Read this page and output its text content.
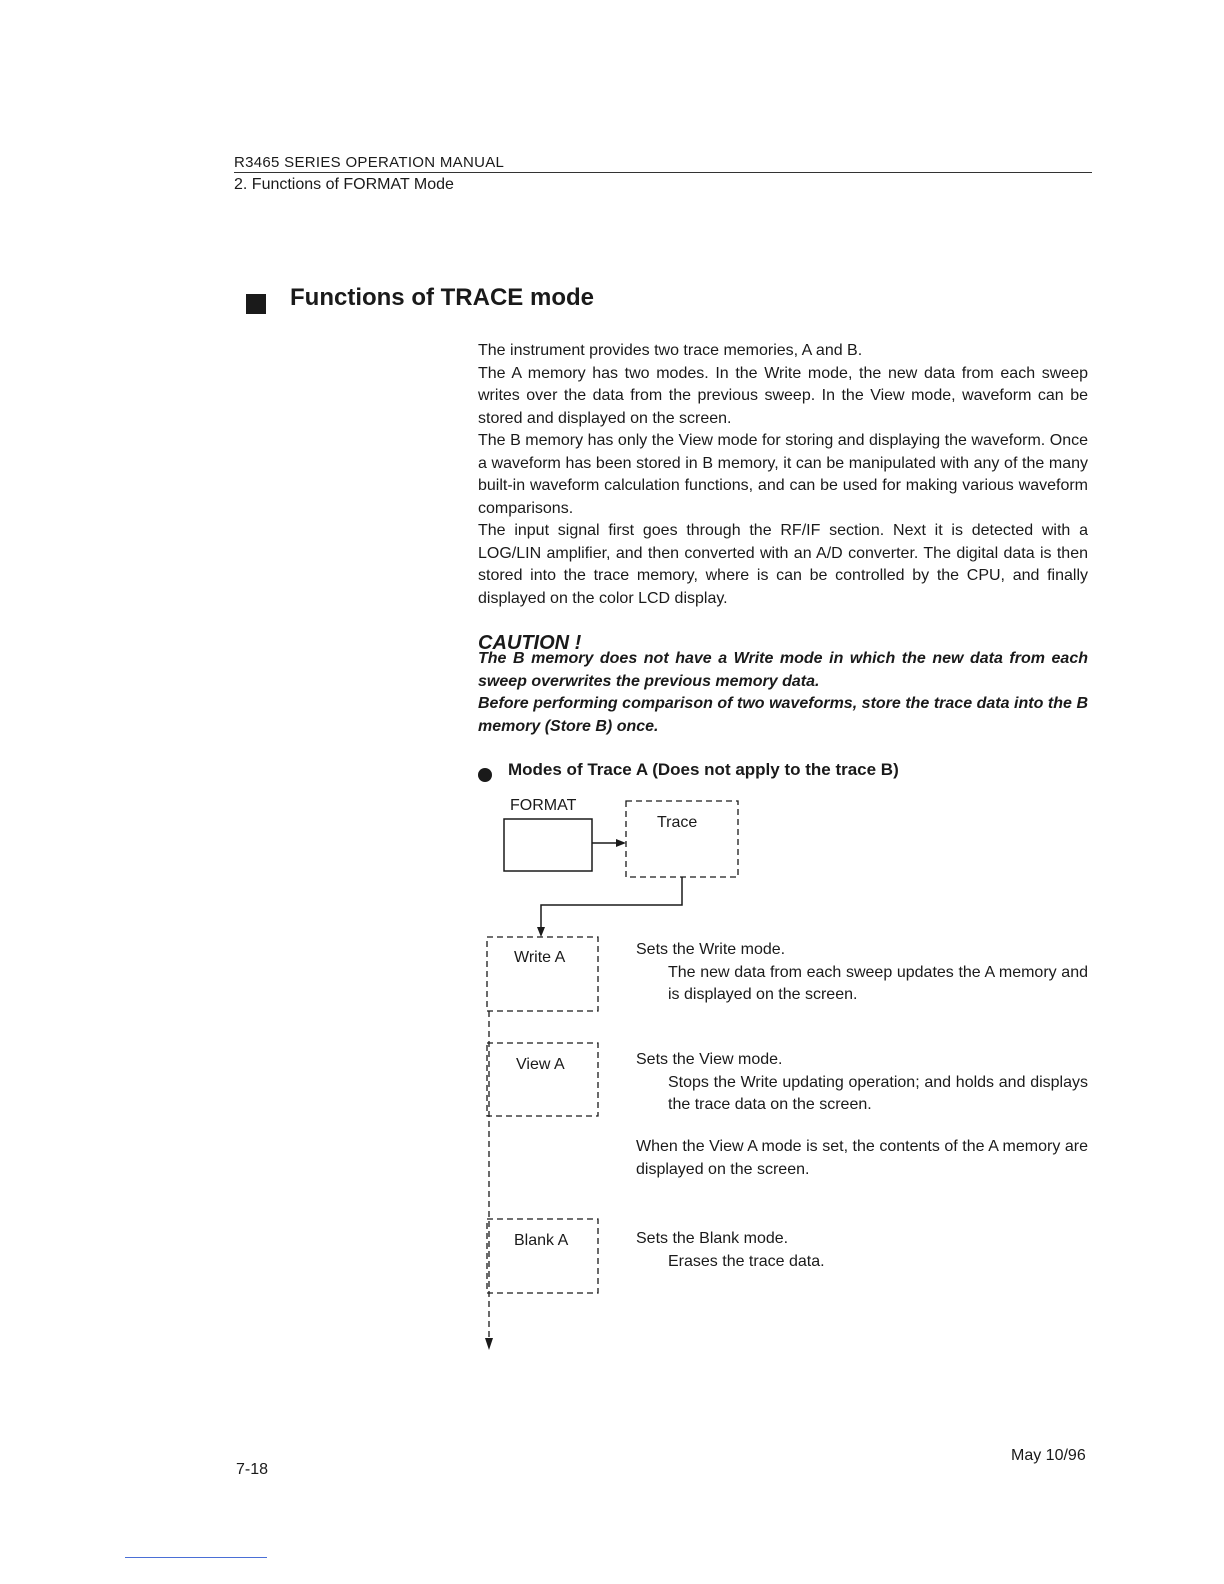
R3465 SERIES OPERATION MANUAL
2. Functions of FORMAT Mode
Functions of TRACE mode

The instrument provides two trace memories, A and B.

The A memory has two modes. In the Write mode, the new data from each sweep writes over the data from the previous sweep. In the View mode, waveform can be stored and displayed on the screen.

The B memory has only the View mode for storing and displaying the waveform. Once a waveform has been stored in B memory, it can be manipulated with any of the many built-in waveform calculation functions, and can be used for making various waveform comparisons.

The input signal first goes through the RF/IF section. Next it is detected with a LOG/LIN amplifier, and then converted with an A/D converter. The digital data is then stored into the trace memory, where is can be controlled by the CPU, and finally displayed on the color LCD display.

CAUTION !

The B memory does not have a Write mode in which the new data from each sweep overwrites the previous memory data.

Before performing comparison of two waveforms, store the trace data into the B memory (Store B) once.

Modes of Trace A (Does not apply to the trace B)
FORMAT
Trace
Write A
View A
Blank A
Sets the Write mode.
The new data from each sweep updates the A memory and is displayed on the screen.
Sets the View mode.
Stops the Write updating operation; and holds and displays the trace data on the screen.
When the View A mode is set, the contents of the A memory are displayed on the screen.
Sets the Blank mode.
Erases the trace data.
7-18
May 10/96
